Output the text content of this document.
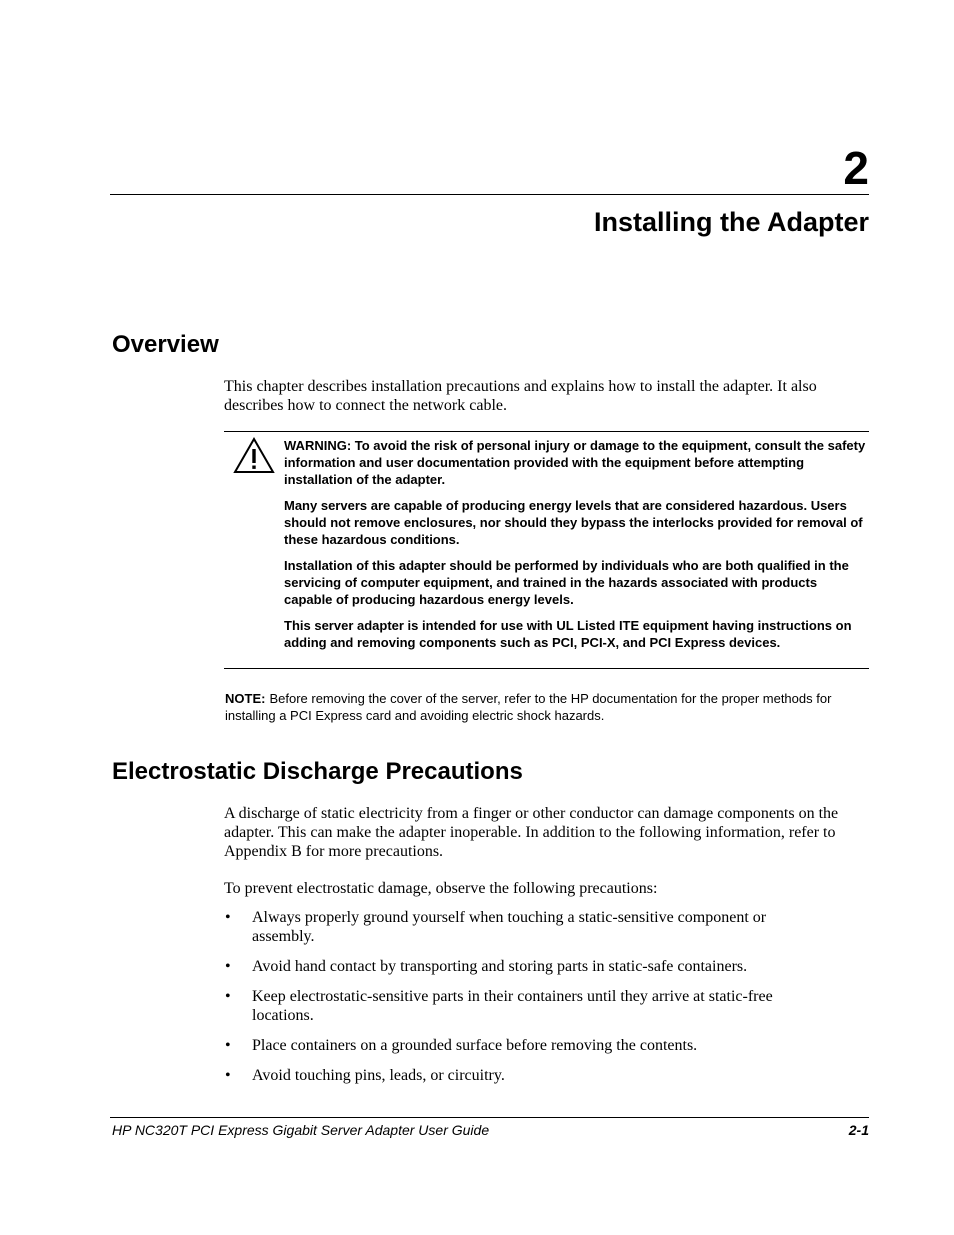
2
Installing the Adapter
Overview

This chapter describes installation precautions and explains how to install the adapter. It also describes how to connect the network cable.

WARNING: To avoid the risk of personal injury or damage to the equipment, consult the safety information and user documentation provided with the equipment before attempting installation of the adapter.

Many servers are capable of producing energy levels that are considered hazardous. Users should not remove enclosures, nor should they bypass the interlocks provided for removal of these hazardous conditions.

Installation of this adapter should be performed by individuals who are both qualified in the servicing of computer equipment, and trained in the hazards associated with products capable of producing hazardous energy levels.

This server adapter is intended for use with UL Listed ITE equipment having instructions on adding and removing components such as PCI, PCI-X, and PCI Express devices.

NOTE: Before removing the cover of the server, refer to the HP documentation for the proper methods for installing a PCI Express card and avoiding electric shock hazards.

Electrostatic Discharge Precautions

A discharge of static electricity from a finger or other conductor can damage components on the adapter. This can make the adapter inoperable. In addition to the following information, refer to Appendix B for more precautions.

To prevent electrostatic damage, observe the following precautions:

• Always properly ground yourself when touching a static-sensitive component or assembly.
• Avoid hand contact by transporting and storing parts in static-safe containers.
• Keep electrostatic-sensitive parts in their containers until they arrive at static-free locations.
• Place containers on a grounded surface before removing the contents.
• Avoid touching pins, leads, or circuitry.
HP NC320T PCI Express Gigabit Server Adapter User Guide	2-1
